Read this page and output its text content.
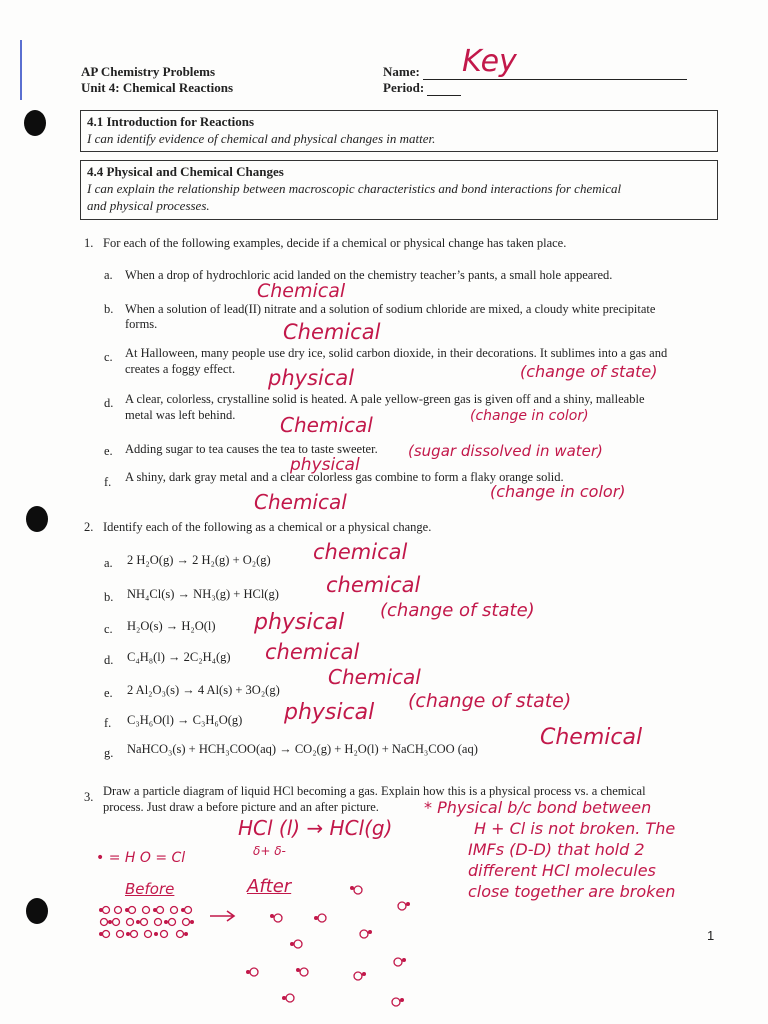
AP Chemistry Problems
Unit 4: Chemical Reactions
Name:
Period:
Key
4.1 Introduction for Reactions
I can identify evidence of chemical and physical changes in matter.
4.4 Physical and Chemical Changes
I can explain the relationship between macroscopic characteristics and bond interactions for chemical
and physical processes.
1. For each of the following examples, decide if a chemical or physical change has taken place.
a. When a drop of hydrochloric acid landed on the chemistry teacher’s pants, a small hole appeared.
Chemical
b. When a solution of lead(II) nitrate and a solution of sodium chloride are mixed, a cloudy white precipitate
forms.	Chemical
c. At Halloween, many people use dry ice, solid carbon dioxide, in their decorations. It sublimes into a gas and
creates a foggy effect. physical	(change of state)
d. A clear, colorless, crystalline solid is heated. A pale yellow-green gas is given off and a shiny, malleable
metal was left behind. Chemical	(change in color)
e. Adding sugar to tea causes the tea to taste sweeter.
physical
(sugar dissolved in water)
f. A shiny, dark gray metal and a clear colorless gas combine to form a flaky orange solid.
Chemical	(change in color)
2. Identify each of the following as a chemical or a physical change.
a. 2 H₂O(g) → 2 H₂(g) + O₂(g) chemical
b. NH₄Cl(s) → NH₃(g) + HCl(g) chemical
c. H₂O(s) → H₂O(l) physical (change of state)
d. C₄H₈(l) → 2C₂H₄(g) chemical
e. 2 Al₂O₃(s) → 4 Al(s) + 3O₂(g)
Chemical
f. C₃H₆O(l) → C₃H₆O(g) physical (change of state)
g. NaHCO₃(s) + HCH₃COO(aq) → CO₂(g) + H₂O(l) + NaCH₃COO (aq)	Chemical
3. Draw a particle diagram of liquid HCl becoming a gas. Explain how this is a physical process vs. a chemical
process. Just draw a before picture and an after picture.
HCl (l) → HCl(g)
• = H O = Cl	δ+ δ-
Before	After
* Physical b/c bond between
H + Cl is not broken. The
IMFs (D-D) that hold 2
different HCl molecules
close together are broken
1
